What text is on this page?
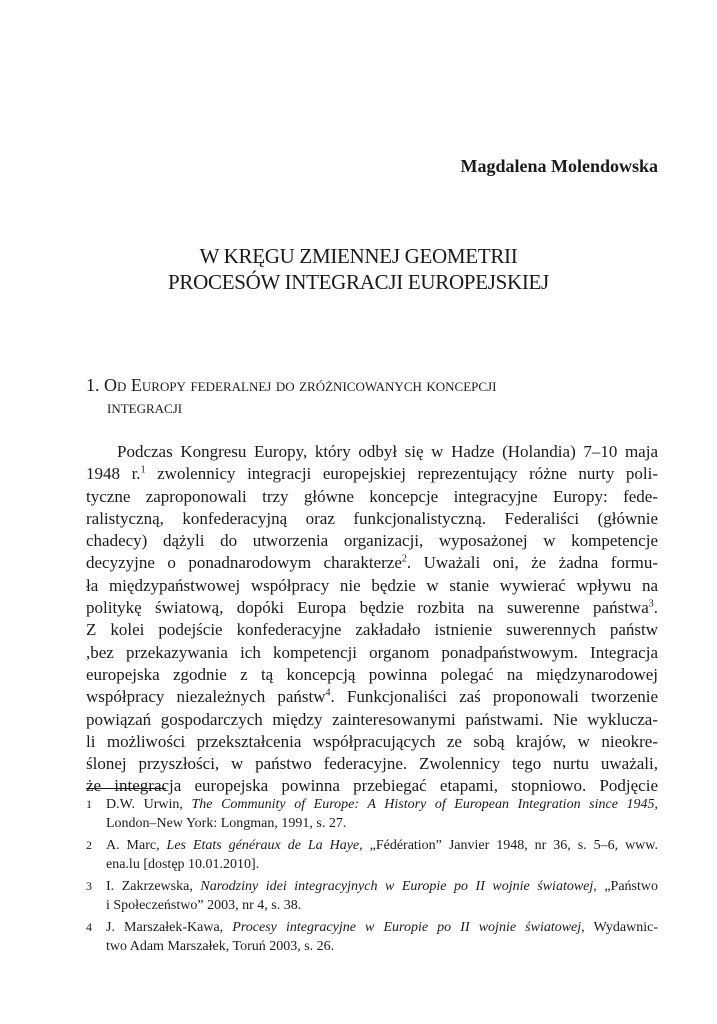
Magdalena Molendowska
W KRĘGU ZMIENNEJ GEOMETRII
PROCESÓW INTEGRACJI EUROPEJSKIEJ
1. Od Europy federalnej do zróżnicowanych koncepcji
integracji
Podczas Kongresu Europy, który odbył się w Hadze (Holandia) 7–10 maja
1948 r.$^1$ zwolennicy integracji europejskiej reprezentujący różne nurty poli-
tyczne zaproponowali trzy główne koncepcje integracyjne Europy: fede-
ralistyczną, konfederacyjną oraz funkcjonalistyczną. Federaliści (głównie
chadecy) dążyli do utworzenia organizacji, wyposażonej w kompetencje
decyzyjne o ponadnarodowym charakterze$^2$. Uważali oni, że żadna formu-
ła międzypaństwowej współpracy nie będzie w stanie wywierać wpływu na
politykę światową, dopóki Europa będzie rozbita na suwerenne państwa$^3$.
Z kolei podejście konfederacyjne zakładało istnienie suwerennych państw
,bez przekazywania ich kompetencji organom ponadpaństwowym. Integracja
europejska zgodnie z tą koncepcją powinna polegać na międzynarodowej
współpracy niezależnych państw$^4$. Funkcjonaliści zaś proponowali tworzenie
powiązań gospodarczych między zainteresowanymi państwami. Nie wykluczа-
li możliwości przekształcenia współpracujących ze sobą krajów, w nieokre-
ślonej przyszłości, w państwo federacyjne. Zwolennicy tego nurtu uważali,
że integracja europejska powinna przebiegać etapami, stopniowo. Podjęcie
1 D.W. Urwin, The Community of Europe: A History of European Integration since 1945,
London–New York: Longman, 1991, s. 27.
2 A. Marc, Les Etats généraux de La Haye, „Fédération” Janvier 1948, nr 36, s. 5–6, www.
ena.lu [dostęp 10.01.2010].
3 I. Zakrzewska, Narodziny idei integracyjnych w Europie po II wojnie światowej, „Państwo
i Społeczeństwo” 2003, nr 4, s. 38.
4 J. Marszałek-Kawa, Procesy integracyjne w Europie po II wojnie światowej, Wydawnic-
two Adam Marszałek, Toruń 2003, s. 26.
